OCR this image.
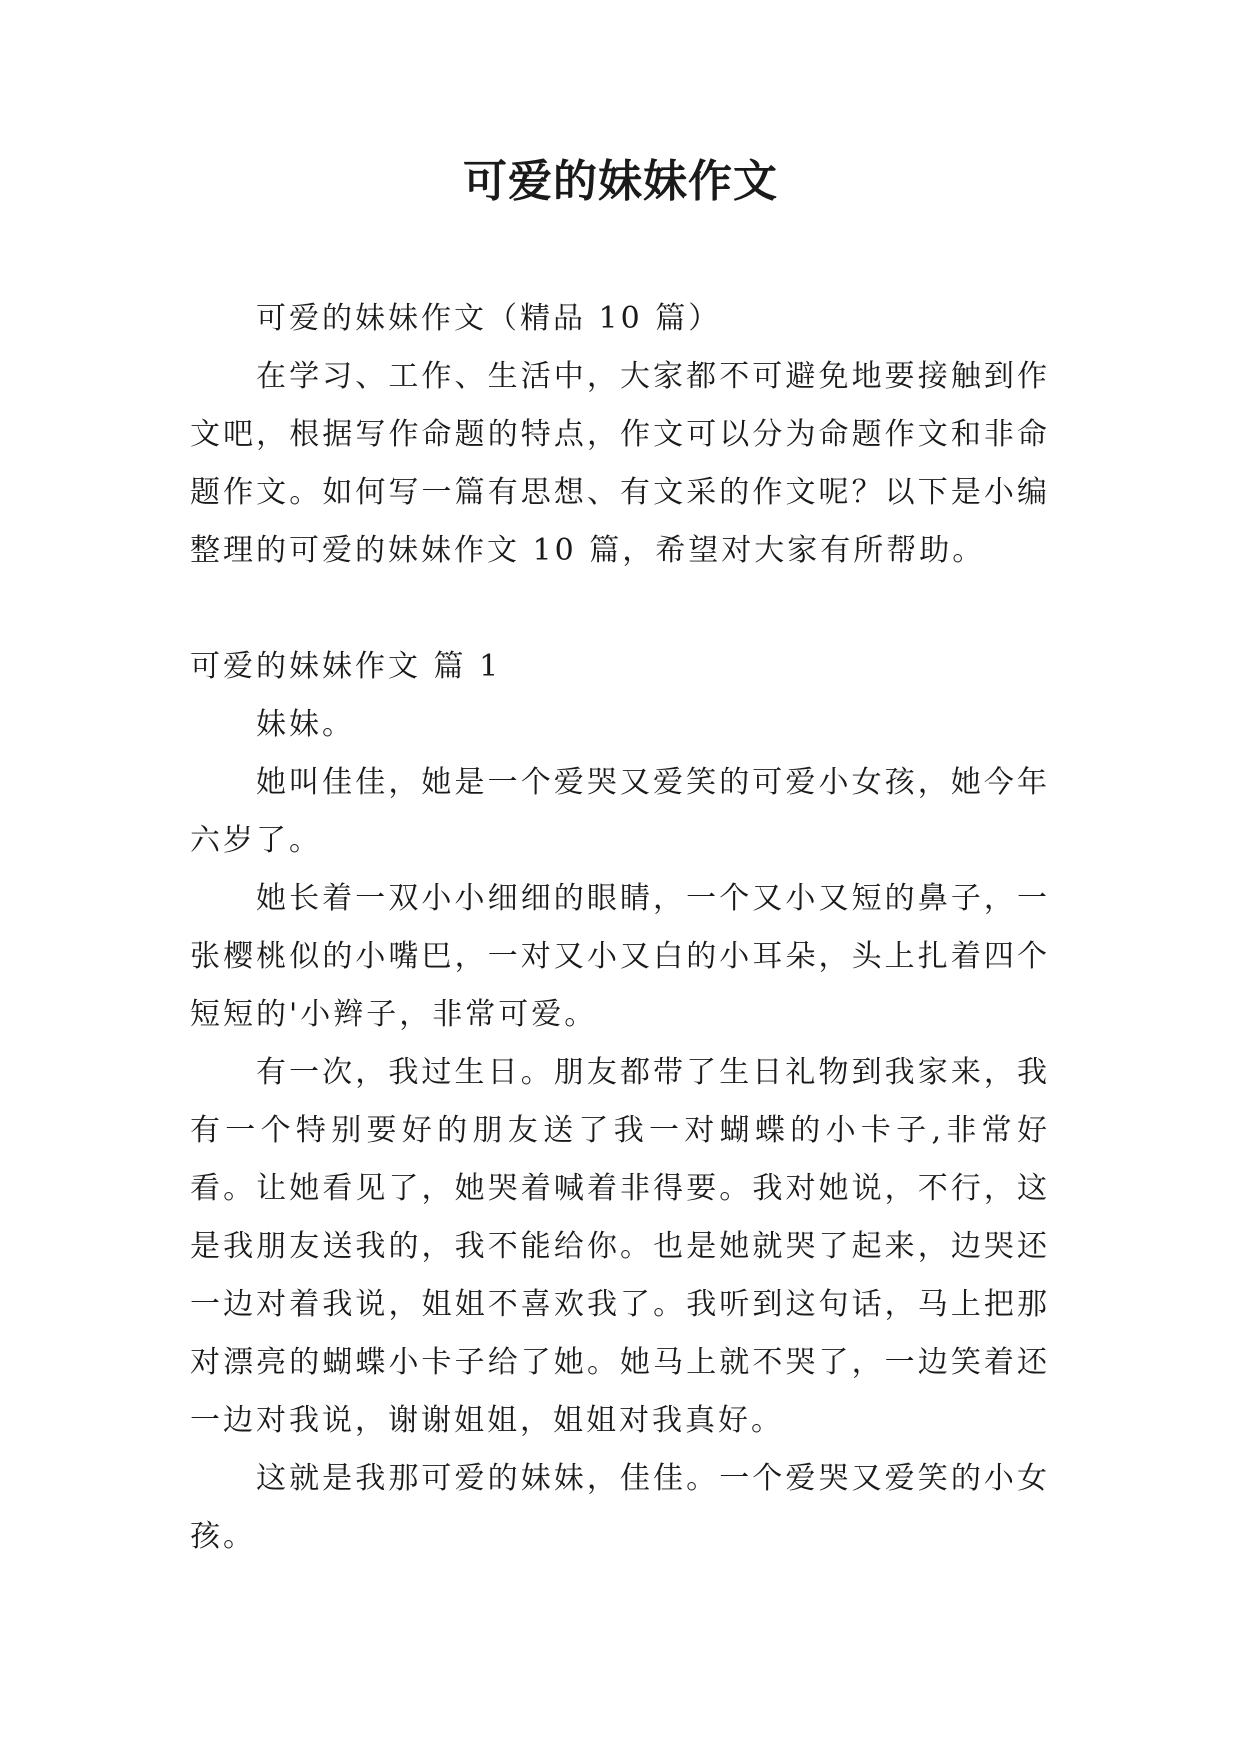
可爱的妹妹作文

可爱的妹妹作文（精品 10 篇）

在学习、工作、生活中，大家都不可避免地要接触到作文吧，根据写作命题的特点，作文可以分为命题作文和非命题作文。如何写一篇有思想、有文采的作文呢？以下是小编整理的可爱的妹妹作文 10 篇，希望对大家有所帮助。

可爱的妹妹作文 篇 1

妹妹。

她叫佳佳，她是一个爱哭又爱笑的可爱小女孩，她今年六岁了。

她长着一双小小细细的眼睛，一个又小又短的鼻子，一张樱桃似的小嘴巴，一对又小又白的小耳朵，头上扎着四个短短的'小辫子，非常可爱。

有一次，我过生日。朋友都带了生日礼物到我家来，我有一个特别要好的朋友送了我一对蝴蝶的小卡子,非常好看。让她看见了，她哭着喊着非得要。我对她说，不行，这是我朋友送我的，我不能给你。也是她就哭了起来，边哭还一边对着我说，姐姐不喜欢我了。我听到这句话，马上把那对漂亮的蝴蝶小卡子给了她。她马上就不哭了，一边笑着还一边对我说，谢谢姐姐，姐姐对我真好。

这就是我那可爱的妹妹，佳佳。一个爱哭又爱笑的小女孩。
